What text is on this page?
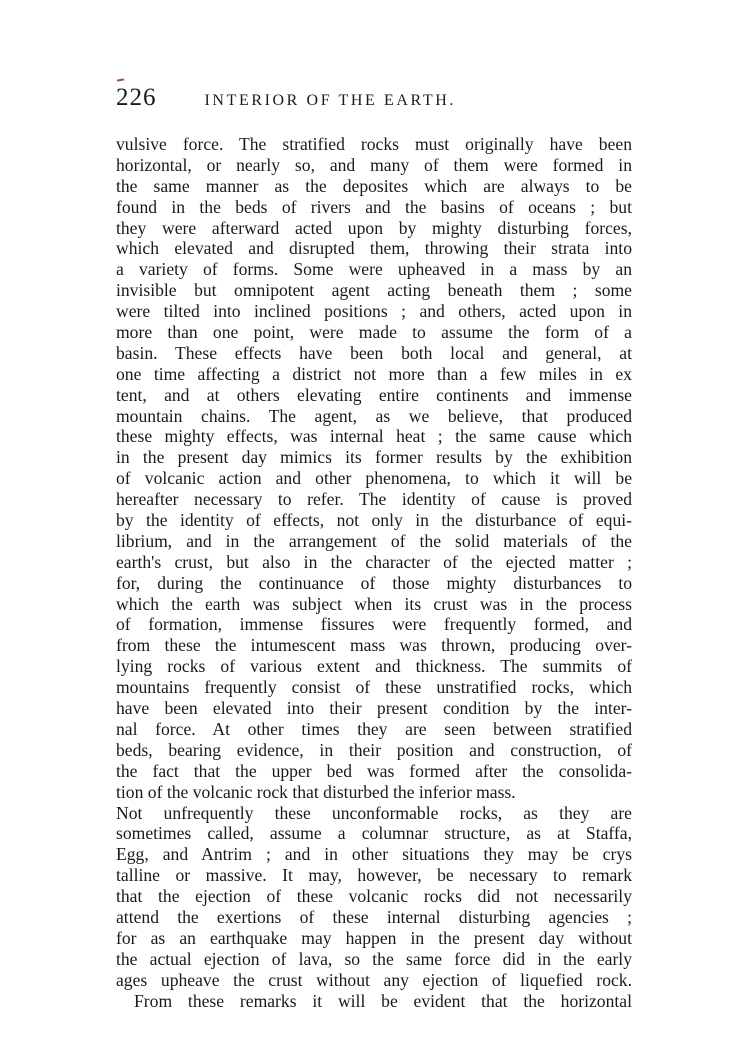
226	INTERIOR OF THE EARTH.
vulsive force. The stratified rocks must originally have been
horizontal, or nearly so, and many of them were formed in
the same manner as the deposites which are always to be
found in the beds of rivers and the basins of oceans ; but
they were afterward acted upon by mighty disturbing forces,
which elevated and disrupted them, throwing their strata into
a variety of forms. Some were upheaved in a mass by an
invisible but omnipotent agent acting beneath them ; some
were tilted into inclined positions ; and others, acted upon in
more than one point, were made to assume the form of a
basin. These effects have been both local and general, at
one time affecting a district not more than a few miles in ex
tent, and at others elevating entire continents and immense
mountain chains. The agent, as we believe, that produced
these mighty effects, was internal heat ; the same cause which
in the present day mimics its former results by the exhibition
of volcanic action and other phenomena, to which it will be
hereafter necessary to refer. The identity of cause is proved
by the identity of effects, not only in the disturbance of equi-
librium, and in the arrangement of the solid materials of the
earth's crust, but also in the character of the ejected matter ;
for, during the continuance of those mighty disturbances to
which the earth was subject when its crust was in the process
of formation, immense fissures were frequently formed, and
from these the intumescent mass was thrown, producing over-
lying rocks of various extent and thickness. The summits of
mountains frequently consist of these unstratified rocks, which
have been elevated into their present condition by the inter-
nal force. At other times they are seen between stratified
beds, bearing evidence, in their position and construction, of
the fact that the upper bed was formed after the consolida-
tion of the volcanic rock that disturbed the inferior mass.
Not unfrequently these unconformable rocks, as they are
sometimes called, assume a columnar structure, as at Staffa,
Egg, and Antrim ; and in other situations they may be crys
talline or massive. It may, however, be necessary to remark
that the ejection of these volcanic rocks did not necessarily
attend the exertions of these internal disturbing agencies ;
for as an earthquake may happen in the present day without
the actual ejection of lava, so the same force did in the early
ages upheave the crust without any ejection of liquefied rock.
From these remarks it will be evident that the horizontal
